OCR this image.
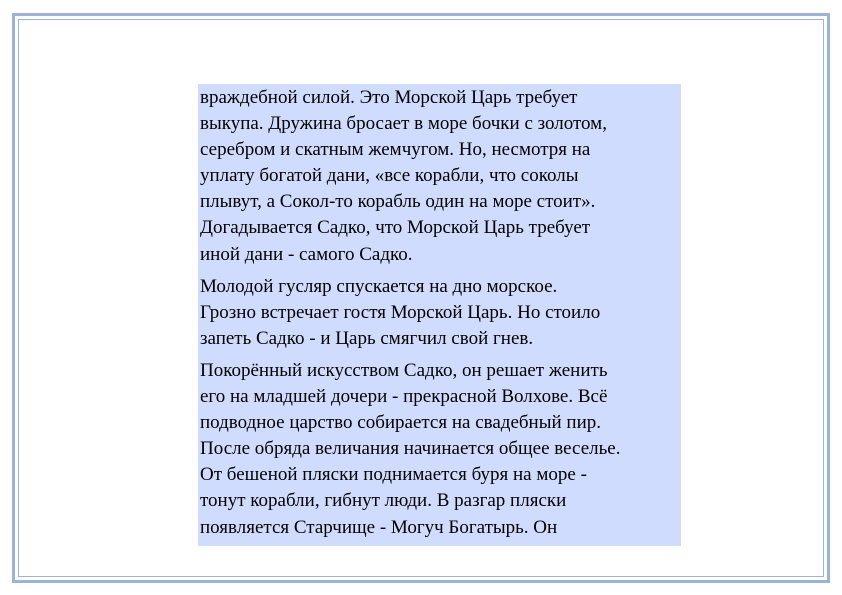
враждебной силой. Это Морской Царь требует
выкупа. Дружина бросает в море бочки с золотом,
серебром и скатным жемчугом. Но, несмотря на
уплату богатой дани, «все корабли, что соколы
плывут, а Сокол-то корабль один на море стоит».
Догадывается Садко, что Морской Царь требует
иной дани - самого Садко.

Молодой гусляр спускается на дно морское.
Грозно встречает гостя Морской Царь. Но стоило
запеть Садко - и Царь смягчил свой гнев.

Покорённый искусством Садко, он решает женить
его на младшей дочери - прекрасной Волхове. Всё
подводное царство собирается на свадебный пир.
После обряда величания начинается общее веселье.
От бешеной пляски поднимается буря на море -
тонут корабли, гибнут люди. В разгар пляски
появляется Старчище - Могуч Богатырь. Он
